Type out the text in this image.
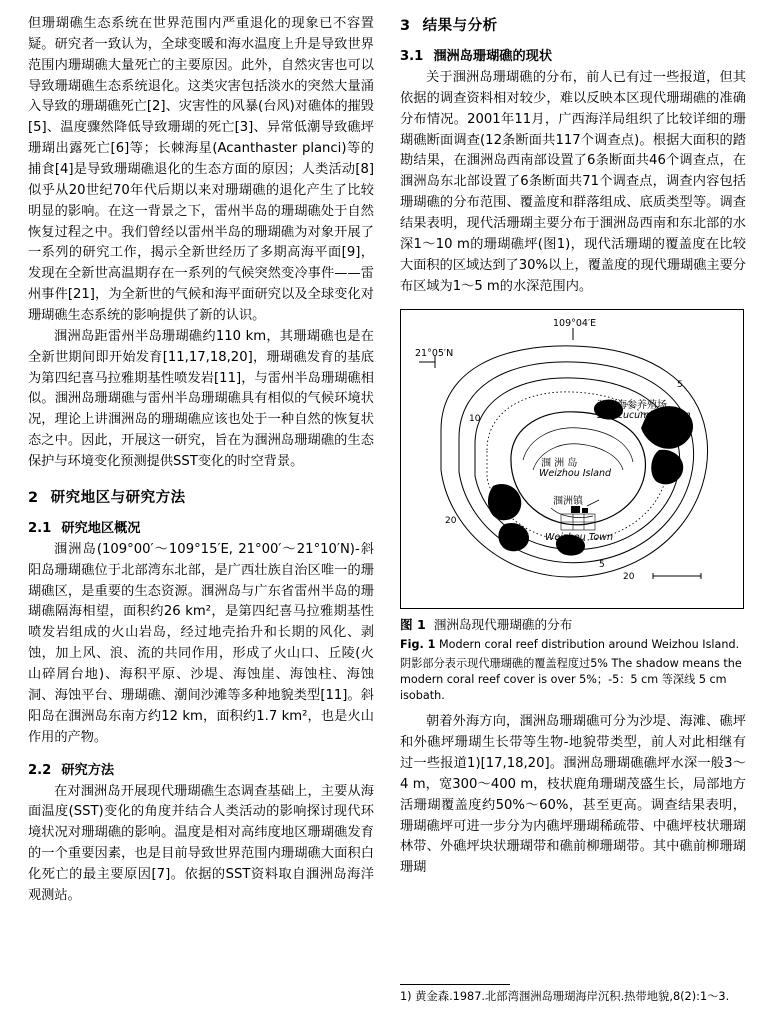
但珊瑚礁生态系统在世界范围内严重退化的现象已不容置疑。研究者一致认为，全球变暖和海水温度上升是导致世界范围内珊瑚礁大量死亡的主要原因。此外，自然灾害也可以导致珊瑚礁生态系统退化。这类灾害包括淡水的突然大量涌入导致的珊瑚礁死亡[2]、灾害性的风暴(台风)对礁体的摧毁[5]、温度骤然降低导致珊瑚的死亡[3]、异常低潮导致礁坪珊瑚出露死亡[6]等；长棘海星(Acanthaster planci)等的捕食[4]是导致珊瑚礁退化的生态方面的原因；人类活动[8]似乎从20世纪70年代后期以来对珊瑚礁的退化产生了比较明显的影响。在这一背景之下，雷州半岛的珊瑚礁处于自然恢复过程之中。我们曾经以雷州半岛的珊瑚礁为对象开展了一系列的研究工作，揭示全新世经历了多期高海平面[9]，发现在全新世高温期存在一系列的气候突然变冷事件——雷州事件[21]，为全新世的气候和海平面研究以及全球变化对珊瑚礁生态系统的影响提供了新的认识。

涠洲岛距雷州半岛珊瑚礁约110 km，其珊瑚礁也是在全新世期间即开始发育[11,17,18,20]，珊瑚礁发育的基底为第四纪喜马拉雅期基性喷发岩[11]，与雷州半岛珊瑚礁相似。涠洲岛珊瑚礁与雷州半岛珊瑚礁具有相似的气候环境状况，理论上讲涠洲岛的珊瑚礁应该也处于一种自然的恢复状态之中。因此，开展这一研究，旨在为涠洲岛珊瑚礁的生态保护与环境变化预测提供SST变化的时空背景。

2 研究地区与研究方法
2.1 研究地区概况

涠洲岛(109°00′～109°15′E, 21°00′～21°10′N)-斜阳岛珊瑚礁位于北部湾东北部，是广西壮族自治区唯一的珊瑚礁区，是重要的生态资源。涠洲岛与广东省雷州半岛的珊瑚礁隔海相望，面积约26 km²，是第四纪喜马拉雅期基性喷发岩组成的火山岩岛，经过地壳抬升和长期的风化、剥蚀，加上风、浪、流的共同作用，形成了火山口、丘陵(火山碎屑台地)、海积平原、沙堤、海蚀崖、海蚀柱、海蚀洞、海蚀平台、珊瑚礁、潮间沙滩等多种地貌类型[11]。斜阳岛在涠洲岛东南方约12 km，面积约1.7 km²，也是火山作用的产物。

2.2 研究方法

在对涠洲岛开展现代珊瑚礁生态调查基础上，主要从海面温度(SST)变化的角度并结合人类活动的影响探讨现代环境状况对珊瑚礁的影响。温度是相对高纬度地区珊瑚礁发育的一个重要因素，也是目前导致世界范围内珊瑚礁大面积白化死亡的最主要原因[7]。依据的SST资料取自涠洲岛海洋观测站。

3 结果与分析
3.1 涠洲岛珊瑚礁的现状

关于涠洲岛珊瑚礁的分布，前人已有过一些报道，但其依据的调查资料相对较少，难以反映本区现代珊瑚礁的准确分布情况。2001年11月，广西海洋局组织了比较详细的珊瑚礁断面调查(12条断面共117个调查点)。根据大面积的踏勘结果，在涠洲岛西南部设置了6条断面共46个调查点，在涠洲岛东北部设置了6条断面共71个调查点，调查内容包括珊瑚礁的分布范围、覆盖度和群落组成、底质类型等。调查结果表明，现代活珊瑚主要分布于涠洲岛西南和东北部的水深1～10 m的珊瑚礁坪(图1)，现代活珊瑚的覆盖度在比较大面积的区域达到了30%以上，覆盖度的现代珊瑚礁主要分布区域为1～5 m的水深范围内。

109°04′E
21°05′N
涠洲海参养殖场
Sea cucumber farm
涠 洲 岛
Weizhou Island
涠洲镇
Weizhou Town
5
10
20
20
5
图 1 涠洲岛现代珊瑚礁的分布
Fig. 1 Modern coral reef distribution around Weizhou Island.
阴影部分表示现代珊瑚礁的覆盖程度过5% The shadow means the modern coral reef cover is over 5%；-5：5 cm 等深线 5 cm isobath.

朝着外海方向，涠洲岛珊瑚礁可分为沙堤、海滩、礁坪和外礁坪珊瑚生长带等生物-地貌带类型，前人对此相继有过一些报道1)[17,18,20]。涠洲岛珊瑚礁礁坪水深一般3～4 m，宽300～400 m，枝状鹿角珊瑚茂盛生长，局部地方活珊瑚覆盖度约50%～60%，甚至更高。调查结果表明，珊瑚礁坪可进一步分为内礁坪珊瑚稀疏带、中礁坪枝状珊瑚林带、外礁坪块状珊瑚带和礁前柳珊瑚带。其中礁前柳珊瑚珊瑚

1) 黄金森.1987.北部湾涠洲岛珊瑚海岸沉积.热带地貌,8(2):1～3.
